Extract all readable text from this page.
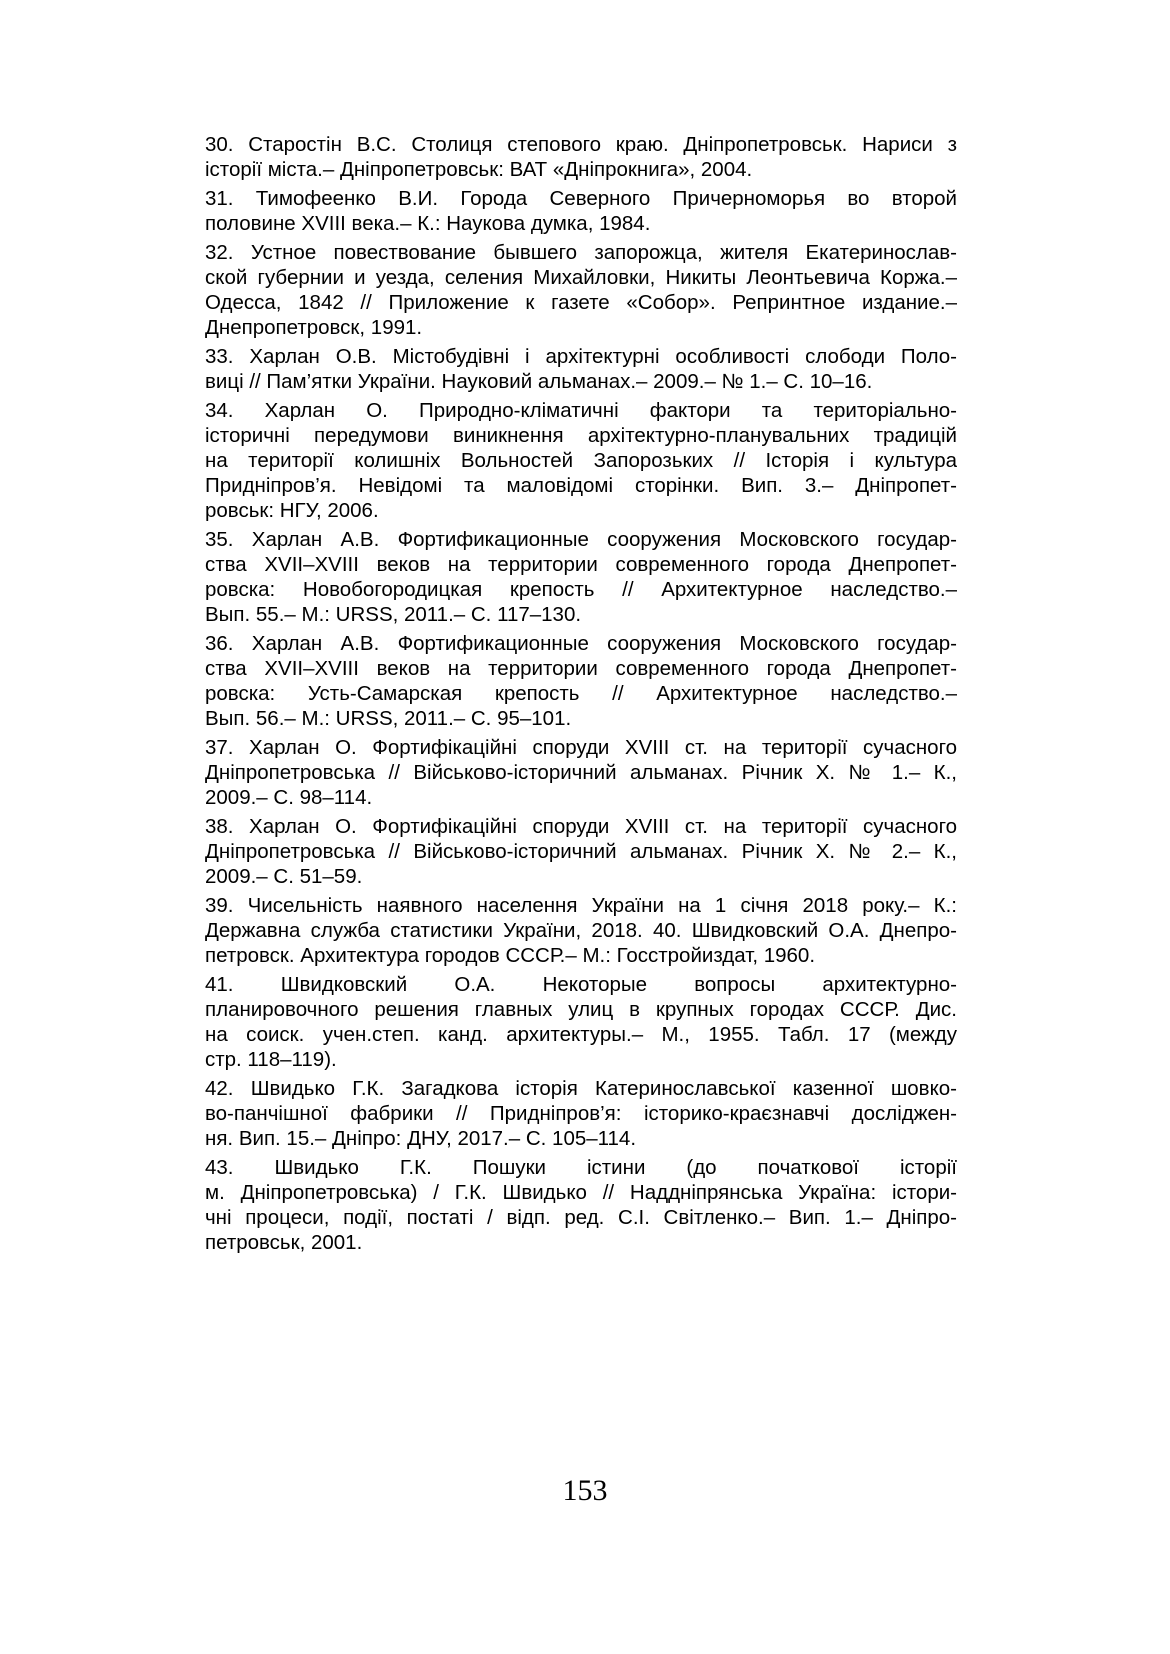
30. Старостін В.С. Столиця степового краю. Дніпропетровськ. Нариси з
історії міста.– Дніпропетровськ: ВАТ «Дніпрокнига», 2004.
31. Тимофеенко В.И. Города Северного Причерноморья во второй
половине XVIII века.– К.: Наукова думка, 1984.
32. Устное повествование бывшего запорожца, жителя Екатеринослав-
ской губернии и уезда, селения Михайловки, Никиты Леонтьевича Коржа.–
Одесса, 1842 // Приложение к газете «Собор». Репринтное издание.–
Днепропетровск, 1991.
33. Харлан О.В. Містобудівні і архітектурні особливості слободи Поло-
виці // Пам’ятки України. Науковий альманах.– 2009.– № 1.– С. 10–16.
34. Харлан О. Природно-кліматичні фактори та територіально-
історичні передумови виникнення архітектурно-планувальних традицій
на території колишніх Вольностей Запорозьких // Історія і культура
Придніпров’я. Невідомі та маловідомі сторінки. Вип. 3.– Дніпропет-
ровськ: НГУ, 2006.
35. Харлан А.В. Фортификационные сооружения Московского государ-
ства XVII–XVIII веков на территории современного города Днепропет-
ровска: Новобогородицкая крепость // Архитектурное наследство.–
Вып. 55.– М.: URSS, 2011.– С. 117–130.
36. Харлан А.В. Фортификационные сооружения Московского государ-
ства XVII–XVIII веков на территории современного города Днепропет-
ровска: Усть-Самарская крепость // Архитектурное наследство.–
Вып. 56.– М.: URSS, 2011.– С. 95–101.
37. Харлан О. Фортифікаційні споруди XVIII ст. на території сучасного
Дніпропетровська // Військово-історичний альманах. Річник Х. № 1.– К.,
2009.– С. 98–114.
38. Харлан О. Фортифікаційні споруди XVIII ст. на території сучасного
Дніпропетровська // Військово-історичний альманах. Річник Х. № 2.– К.,
2009.– С. 51–59.
39. Чисельність наявного населення України на 1 січня 2018 року.– К.:
Державна служба статистики України, 2018. 40. Швидковский О.А. Днепро-
петровск. Архитектура городов СССР.– М.: Госстройиздат, 1960.
41. Швидковский О.А. Некоторые вопросы архитектурно-
планировочного решения главных улиц в крупных городах СССР. Дис.
на соиск. учен.степ. канд. архитектуры.– М., 1955. Табл. 17 (между
стр. 118–119).
42. Швидько Г.К. Загадкова історія Катеринославської казенної шовко-
во-панчішної фабрики // Придніпров’я: історико-краєзнавчі досліджен-
ня. Вип. 15.– Дніпро: ДНУ, 2017.– С. 105–114.
43. Швидько Г.К. Пошуки істини (до початкової історії
м. Дніпропетровська) / Г.К. Швидько // Наддніпрянська Україна: істори-
чні процеси, події, постаті / відп. ред. С.І. Світленко.– Вип. 1.– Дніпро-
петровськ, 2001.
153
